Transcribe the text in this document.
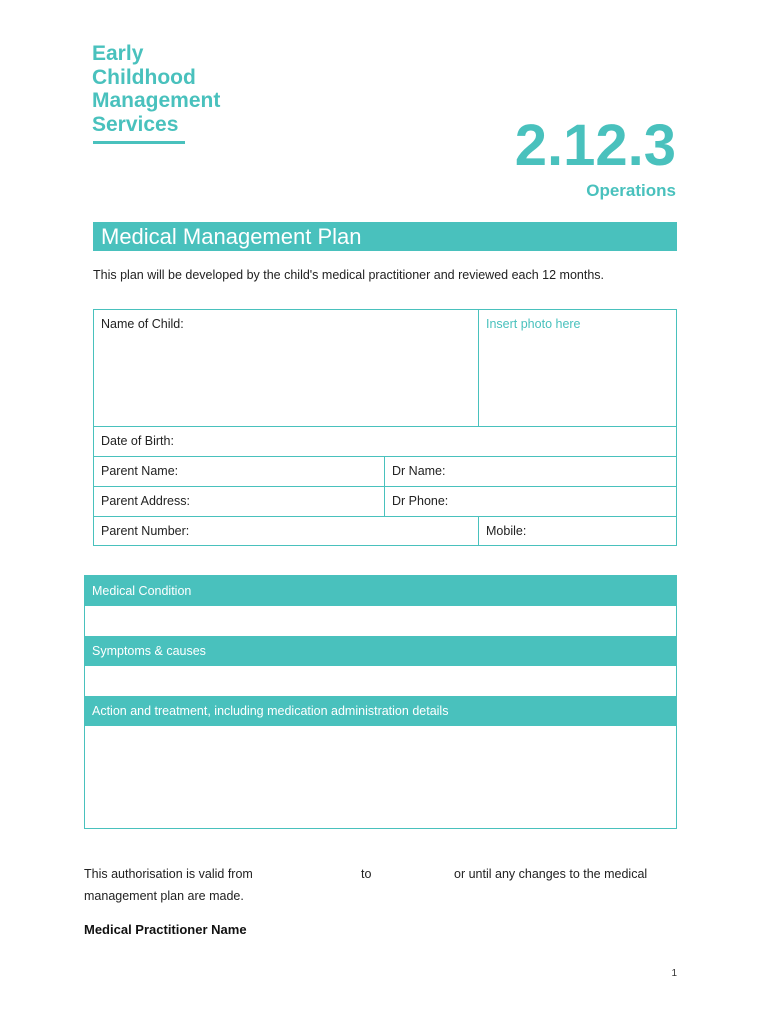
Early
Childhood
Management
Services	2.12.3
Operations
Medical Management Plan
This plan will be developed by the child's medical practitioner and reviewed each 12 months.
Name of Child:	Insert photo here
Date of Birth:
Parent Name:	Dr Name:
Parent Address:	Dr Phone:
Parent Number:	Mobile:
Medical Condition
Symptoms & causes
Action and treatment, including medication administration details
This authorisation is valid from	to	or until any changes to the medical
management plan are made.
Medical Practitioner Name
1
